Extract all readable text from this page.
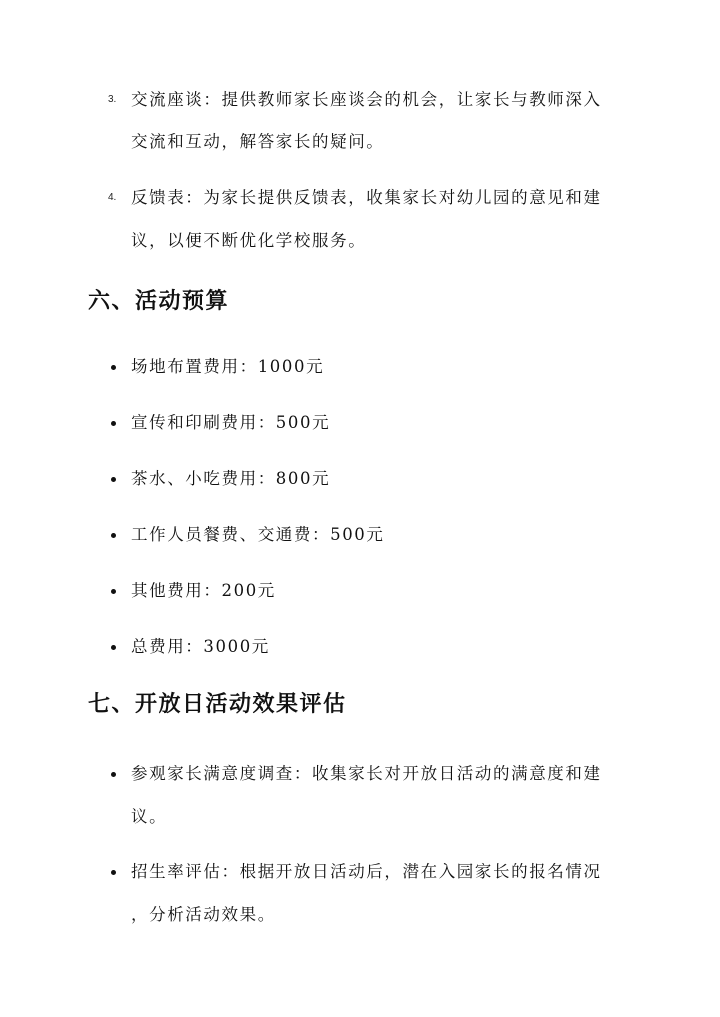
3. 交流座谈：提供教师家长座谈会的机会，让家长与教师深入
交流和互动，解答家长的疑问。
4. 反馈表：为家长提供反馈表，收集家长对幼儿园的意见和建
议，以便不断优化学校服务。
六、活动预算
场地布置费用：1000元
宣传和印刷费用：500元
茶水、小吃费用：800元
工作人员餐费、交通费：500元
其他费用：200元
总费用：3000元
七、开放日活动效果评估
参观家长满意度调查：收集家长对开放日活动的满意度和建
议。
招生率评估：根据开放日活动后，潜在入园家长的报名情况
，分析活动效果。
